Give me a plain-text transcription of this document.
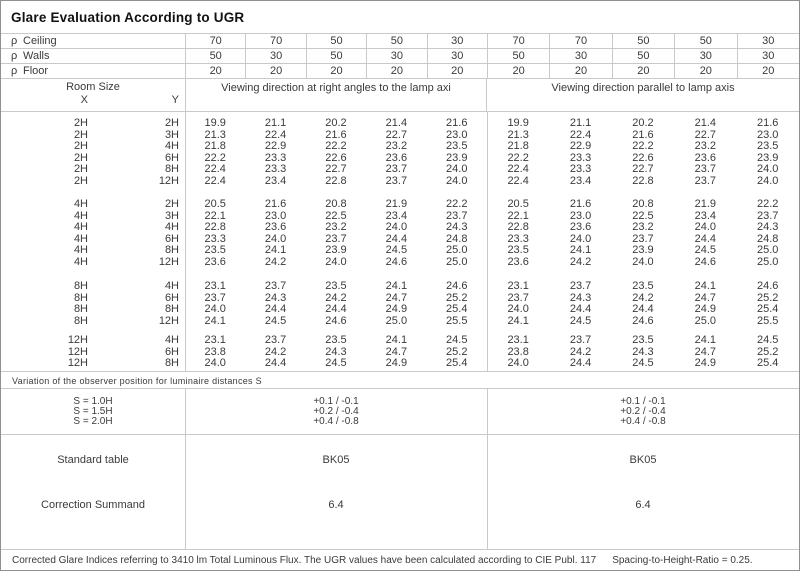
Glare Evaluation According to UGR
ρ Ceiling	70	70	50	50	30	70	70	50	50	30
ρ Walls	50	30	50	30	30	50	30	50	30	30
ρ Floor	20	20	20	20	20	20	20	20	20	20
Room Size
X	Y
Viewing direction at right angles to the lamp axi	Viewing direction parallel to lamp axis
2H	2H	19.9	21.1	20.2	21.4	21.6	19.9	21.1	20.2	21.4	21.6
2H	3H	21.3	22.4	21.6	22.7	23.0	21.3	22.4	21.6	22.7	23.0
2H	4H	21.8	22.9	22.2	23.2	23.5	21.8	22.9	22.2	23.2	23.5
2H	6H	22.2	23.3	22.6	23.6	23.9	22.2	23.3	22.6	23.6	23.9
2H	8H	22.4	23.3	22.7	23.7	24.0	22.4	23.3	22.7	23.7	24.0
2H	12H	22.4	23.4	22.8	23.7	24.0	22.4	23.4	22.8	23.7	24.0
4H	2H	20.5	21.6	20.8	21.9	22.2	20.5	21.6	20.8	21.9	22.2
4H	3H	22.1	23.0	22.5	23.4	23.7	22.1	23.0	22.5	23.4	23.7
4H	4H	22.8	23.6	23.2	24.0	24.3	22.8	23.6	23.2	24.0	24.3
4H	6H	23.3	24.0	23.7	24.4	24.8	23.3	24.0	23.7	24.4	24.8
4H	8H	23.5	24.1	23.9	24.5	25.0	23.5	24.1	23.9	24.5	25.0
4H	12H	23.6	24.2	24.0	24.6	25.0	23.6	24.2	24.0	24.6	25.0
8H	4H	23.1	23.7	23.5	24.1	24.6	23.1	23.7	23.5	24.1	24.6
8H	6H	23.7	24.3	24.2	24.7	25.2	23.7	24.3	24.2	24.7	25.2
8H	8H	24.0	24.4	24.4	24.9	25.4	24.0	24.4	24.4	24.9	25.4
8H	12H	24.1	24.5	24.6	25.0	25.5	24.1	24.5	24.6	25.0	25.5
12H	4H	23.1	23.7	23.5	24.1	24.5	23.1	23.7	23.5	24.1	24.5
12H	6H	23.8	24.2	24.3	24.7	25.2	23.8	24.2	24.3	24.7	25.2
12H	8H	24.0	24.4	24.5	24.9	25.4	24.0	24.4	24.5	24.9	25.4
Variation of the observer position for luminaire distances S
S = 1.0H	+0.1 / -0.1	+0.1 / -0.1
S = 1.5H	+0.2 / -0.4	+0.2 / -0.4
S = 2.0H	+0.4 / -0.8	+0.4 / -0.8
Standard table	BK05	BK05
Correction Summand	6.4	6.4
Corrected Glare Indices referring to 3410 lm Total Luminous Flux. The UGR values have been calculated according to CIE Publ. 117 Spacing-to-Height-Ratio = 0.25.
